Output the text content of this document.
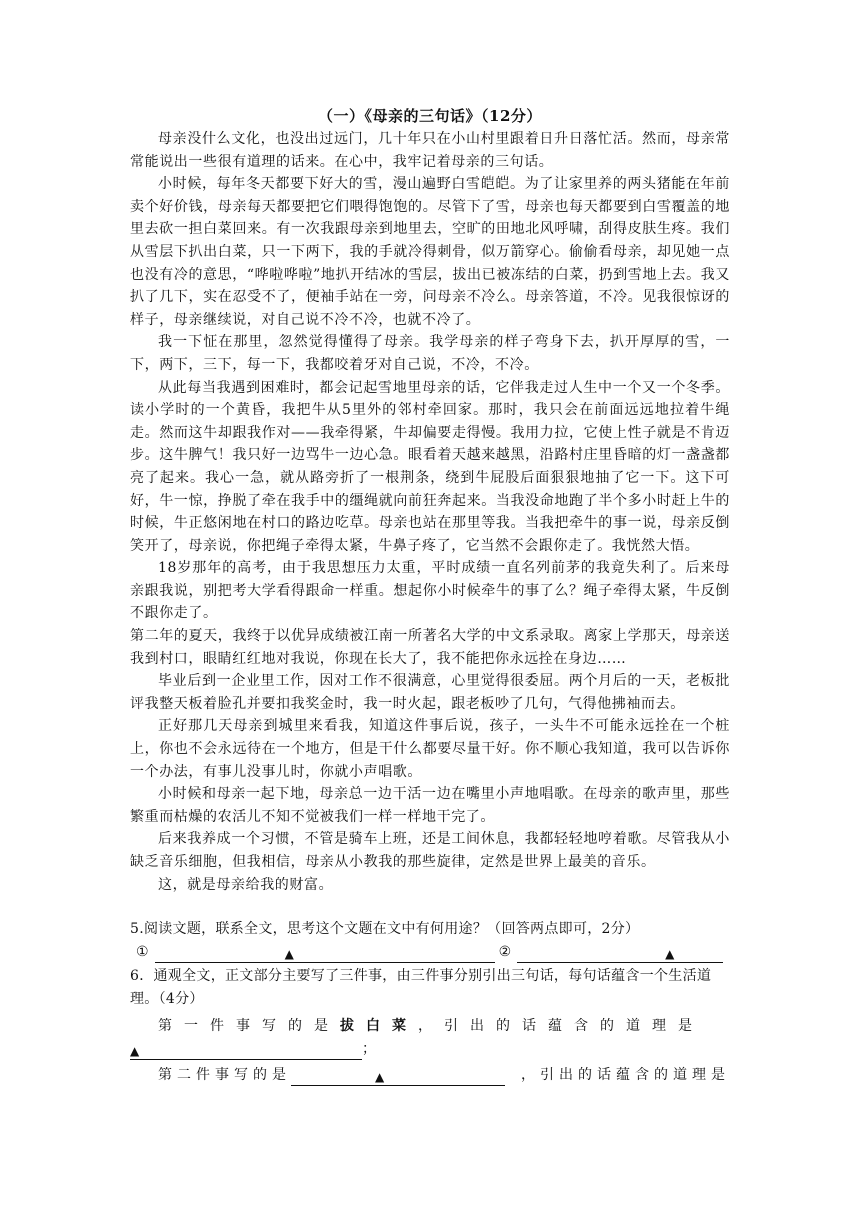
（一）《母亲的三句话》（12分）

母亲没什么文化，也没出过远门，几十年只在小山村里跟着日升日落忙活。然而，母亲常常能说出一些很有道理的话来。在心中，我牢记着母亲的三句话。

小时候，每年冬天都要下好大的雪，漫山遍野白雪皑皑。为了让家里养的两头猪能在年前卖个好价钱，母亲每天都要把它们喂得饱饱的。尽管下了雪，母亲也每天都要到白雪覆盖的地里去砍一担白菜回来。有一次我跟母亲到地里去，空旷的田地北风呼啸，刮得皮肤生疼。我们从雪层下扒出白菜，只一下两下，我的手就冷得刺骨，似万箭穿心。偷偷看母亲，却见她一点也没有冷的意思，“哗啦哗啦”地扒开结冰的雪层，拔出已被冻结的白菜，扔到雪地上去。我又扒了几下，实在忍受不了，便袖手站在一旁，问母亲不冷么。母亲答道，不冷。见我很惊讶的样子，母亲继续说，对自己说不冷不冷，也就不冷了。

我一下怔在那里，忽然觉得懂得了母亲。我学母亲的样子弯身下去，扒开厚厚的雪，一下，两下，三下，每一下，我都咬着牙对自己说，不冷，不冷。

从此每当我遇到困难时，都会记起雪地里母亲的话，它伴我走过人生中一个又一个冬季。读小学时的一个黄昏，我把牛从5里外的邻村牵回家。那时，我只会在前面远远地拉着牛绳走。然而这牛却跟我作对——我牵得紧，牛却偏要走得慢。我用力拉，它使上性子就是不肯迈步。这牛脾气！我只好一边骂牛一边心急。眼看着天越来越黑，沿路村庄里昏暗的灯一盏盏都亮了起来。我心一急，就从路旁折了一根荆条，绕到牛屁股后面狠狠地抽了它一下。这下可好，牛一惊，挣脱了牵在我手中的缰绳就向前狂奔起来。当我没命地跑了半个多小时赶上牛的时候，牛正悠闲地在村口的路边吃草。母亲也站在那里等我。当我把牵牛的事一说，母亲反倒笑开了，母亲说，你把绳子牵得太紧，牛鼻子疼了，它当然不会跟你走了。我恍然大悟。

18岁那年的高考，由于我思想压力太重，平时成绩一直名列前茅的我竟失利了。后来母亲跟我说，别把考大学看得跟命一样重。想起你小时候牵牛的事了么？绳子牵得太紧，牛反倒不跟你走了。

第二年的夏天，我终于以优异成绩被江南一所著名大学的中文系录取。离家上学那天，母亲送我到村口，眼睛红红地对我说，你现在长大了，我不能把你永远拴在身边……

毕业后到一企业里工作，因对工作不很满意，心里觉得很委屈。两个月后的一天，老板批评我整天板着脸孔并要扣我奖金时，我一时火起，跟老板吵了几句，气得他拂袖而去。

正好那几天母亲到城里来看我，知道这件事后说，孩子，一头牛不可能永远拴在一个桩上，你也不会永远待在一个地方，但是干什么都要尽量干好。你不顺心我知道，我可以告诉你一个办法，有事儿没事儿时，你就小声唱歌。

小时候和母亲一起下地，母亲总一边干活一边在嘴里小声地唱歌。在母亲的歌声里，那些繁重而枯燥的农活儿不知不觉被我们一样一样地干完了。

后来我养成一个习惯，不管是骑车上班，还是工间休息，我都轻轻地哼着歌。尽管我从小缺乏音乐细胞，但我相信，母亲从小教我的那些旋律，定然是世界上最美的音乐。

这，就是母亲给我的财富。

5.阅读文题，联系全文，思考这个文题在文中有何用途？（回答两点即可，2分）

①	▲	②	▲

6．通观全文，正文部分主要写了三件事，由三件事分别引出三句话，每句话蕴含一个生活道理。（4分）

第一件事写的是拔白菜，引出的话蕴含的道理是
▲	；
第二件事写的是	▲	，引出的话蕴含的道理是
